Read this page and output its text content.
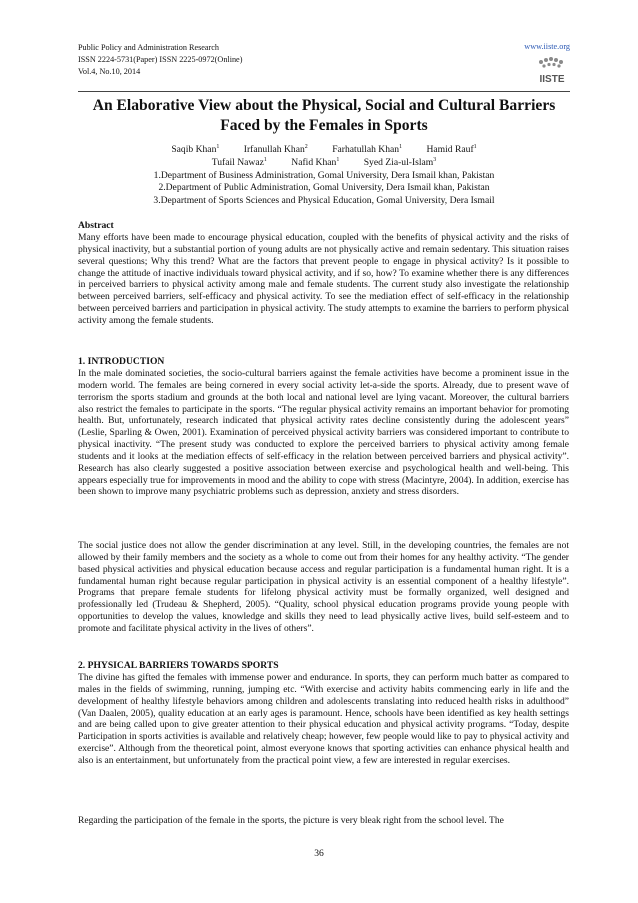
Public Policy and Administration Research
ISSN 2224-5731(Paper) ISSN 2225-0972(Online)
Vol.4, No.10, 2014
www.iiste.org
IISTE
An Elaborative View about the Physical, Social and Cultural Barriers Faced by the Females in Sports
Saqib Khan$^1$	Irfanullah Khan$^2$	Farhatullah Khan$^1$	Hamid Rauf$^1$
Tufail Nawaz$^1$	Nafid Khan$^1$	Syed Zia-ul-Islam$^3$
1.Department of Business Administration, Gomal University, Dera Ismail khan, Pakistan
2.Department of Public Administration, Gomal University, Dera Ismail khan, Pakistan
3.Department of Sports Sciences and Physical Education, Gomal University, Dera Ismail
Abstract

Many efforts have been made to encourage physical education, coupled with the benefits of physical activity and the risks of physical inactivity, but a substantial portion of young adults are not physically active and remain sedentary. This situation raises several questions; Why this trend? What are the factors that prevent people to engage in physical activity? Is it possible to change the attitude of inactive individuals toward physical activity, and if so, how? To examine whether there is any differences in perceived barriers to physical activity among male and female students. The current study also investigate the relationship between perceived barriers, self-efficacy and physical activity. To see the mediation effect of self-efficacy in the relationship between perceived barriers and participation in physical activity. The study attempts to examine the barriers to perform physical activity among the female students.

1. INTRODUCTION

In the male dominated societies, the socio-cultural barriers against the female activities have become a prominent issue in the modern world. The females are being cornered in every social activity let-a-side the sports. Already, due to present wave of terrorism the sports stadium and grounds at the both local and national level are lying vacant. Moreover, the cultural barriers also restrict the females to participate in the sports. “The regular physical activity remains an important behavior for promoting health. But, unfortunately, research indicated that physical activity rates decline consistently during the adolescent years” (Leslie, Sparling & Owen, 2001). Examination of perceived physical activity barriers was considered important to contribute to physical inactivity. “The present study was conducted to explore the perceived barriers to physical activity among female students and it looks at the mediation effects of self-efficacy in the relation between perceived barriers and physical activity”. Research has also clearly suggested a positive association between exercise and psychological health and well-being. This appears especially true for improvements in mood and the ability to cope with stress (Macintyre, 2004). In addition, exercise has been shown to improve many psychiatric problems such as depression, anxiety and stress disorders.

The social justice does not allow the gender discrimination at any level. Still, in the developing countries, the females are not allowed by their family members and the society as a whole to come out from their homes for any healthy activity. “The gender based physical activities and physical education because access and regular participation is a fundamental human right. It is a fundamental human right because regular participation in physical activity is an essential component of a healthy lifestyle”. Programs that prepare female students for lifelong physical activity must be formally organized, well designed and professionally led (Trudeau & Shepherd, 2005). “Quality, school physical education programs provide young people with opportunities to develop the values, knowledge and skills they need to lead physically active lives, build self-esteem and to promote and facilitate physical activity in the lives of others”.

2. PHYSICAL BARRIERS TOWARDS SPORTS

The divine has gifted the females with immense power and endurance. In sports, they can perform much batter as compared to males in the fields of swimming, running, jumping etc. “With exercise and activity habits commencing early in life and the development of healthy lifestyle behaviors among children and adolescents translating into reduced health risks in adulthood” (Van Daalen, 2005), quality education at an early ages is paramount. Hence, schools have been identified as key health settings and are being called upon to give greater attention to their physical education and physical activity programs. “Today, despite Participation in sports activities is available and relatively cheap; however, few people would like to pay to physical activity and exercise”. Although from the theoretical point, almost everyone knows that sporting activities can enhance physical health and also is an entertainment, but unfortunately from the practical point view, a few are interested in regular exercises.

Regarding the participation of the female in the sports, the picture is very bleak right from the school level. The

36
